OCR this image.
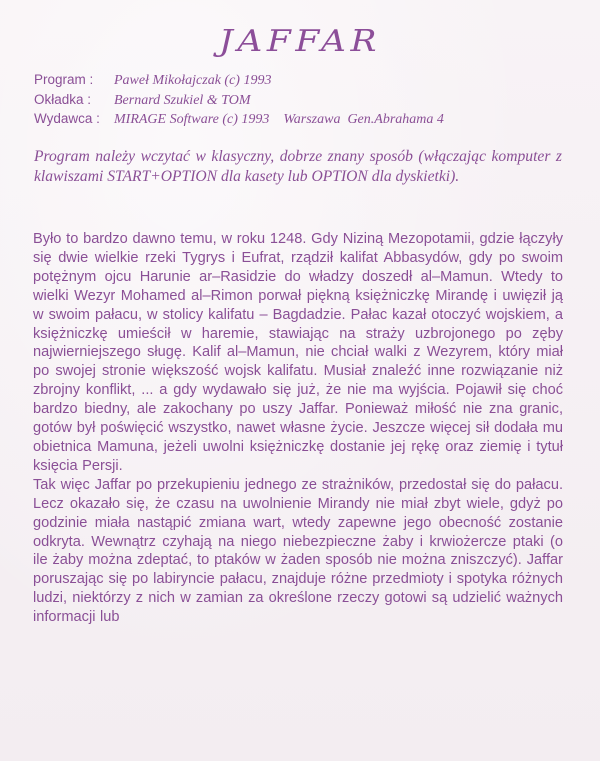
JAFFAR
Program : Paweł Mikołajczak (c) 1993
Okładka : Bernard Szukiel & TOM
Wydawca : MIRAGE Software (c) 1993    Warszawa  Gen.Abrahama 4
Program należy wczytać w klasyczny, dobrze znany sposób (włączając komputer z klawiszami START+OPTION dla kasety lub OPTION dla dyskietki).

Było to bardzo dawno temu, w roku 1248. Gdy Niziną Mezopotamii, gdzie łączyły się dwie wielkie rzeki Tygrys i Eufrat, rządził kalifat Abbasydów, gdy po swoim potężnym ojcu Harunie ar–Rasidzie do władzy doszedł al–Mamun. Wtedy to wielki Wezyr Mohamed al–Rimon porwał piękną księżniczkę Mirandę i uwięził ją w swoim pałacu, w stolicy kalifatu – Bagdadzie. Pałac kazał otoczyć wojskiem, a księżniczkę umieścił w haremie, stawiając na straży uzbrojonego po zęby najwierniejszego sługę. Kalif al–Mamun, nie chciał walki z Wezyrem, który miał po swojej stronie większość wojsk kalifatu. Musiał znaleźć inne rozwiązanie niż zbrojny konflikt, ... a gdy wydawało się już, że nie ma wyjścia. Pojawił się choć bardzo biedny, ale zakochany po uszy Jaffar. Ponieważ miłość nie zna granic, gotów był poświęcić wszystko, nawet własne życie. Jeszcze więcej sił dodała mu obietnica Mamuna, jeżeli uwolni księżniczkę dostanie jej rękę oraz ziemię i tytuł księcia Persji.

Tak więc Jaffar po przekupieniu jednego ze strażników, przedostał się do pałacu. Lecz okazało się, że czasu na uwolnienie Mirandy nie miał zbyt wiele, gdyż po godzinie miała nastąpić zmiana wart, wtedy zapewne jego obecność zostanie odkryta. Wewnątrz czyhają na niego niebezpieczne żaby i krwiożercze ptaki (o ile żaby można zdeptać, to ptaków w żaden sposób nie można zniszczyć). Jaffar poruszając się po labiryncie pałacu, znajduje różne przedmioty i spotyka różnych ludzi, niektórzy z nich w zamian za określone rzeczy gotowi są udzielić ważnych informacji lub
